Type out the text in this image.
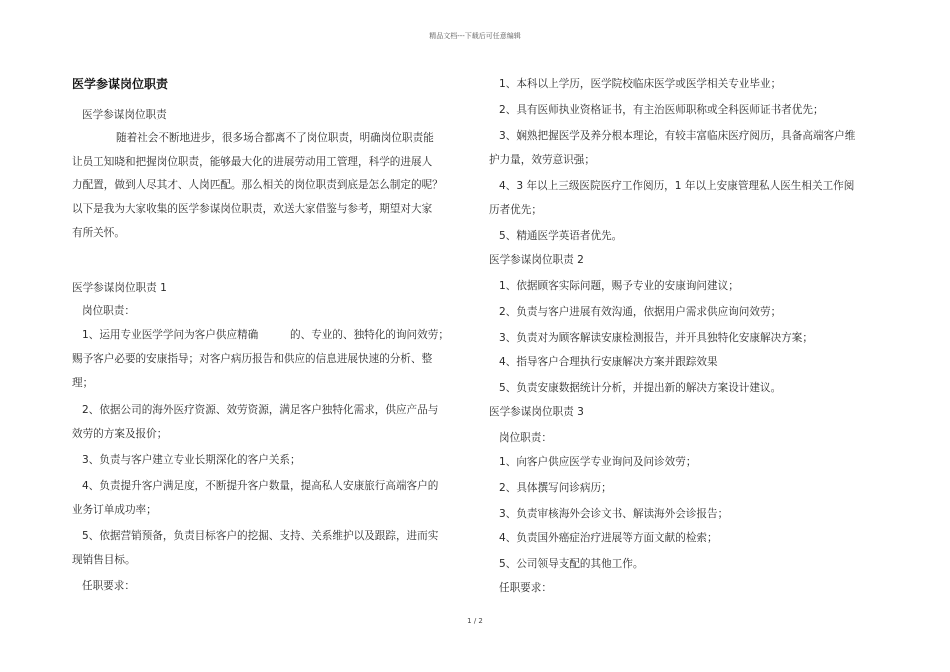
精品文档---下载后可任意编辑
医学参谋岗位职责
医学参谋岗位职责
随着社会不断地进步，很多场合都离不了岗位职责，明确岗位职责能
让员工知晓和把握岗位职责，能够最大化的进展劳动用工管理，科学的进展人
力配置，做到人尽其才、人岗匹配。那么相关的岗位职责到底是怎么制定的呢？
以下是我为大家收集的医学参谋岗位职责，欢送大家借鉴与参考，期望对大家
有所关怀。
医学参谋岗位职责 1
岗位职责：
1、运用专业医学学问为客户供应精确　　　的、专业的、独特化的询问效劳；
赐予客户必要的安康指导；对客户病历报告和供应的信息进展快速的分析、整
理；
2、依据公司的海外医疗资源、效劳资源，满足客户独特化需求，供应产品与
效劳的方案及报价；
3、负责与客户建立专业长期深化的客户关系；
4、负责提升客户满足度，不断提升客户数量，提高私人安康旅行高端客户的
业务订单成功率；
5、依据营销预备，负责目标客户的挖掘、支持、关系维护以及跟踪，进而实
现销售目标。
任职要求：
1、本科以上学历，医学院校临床医学或医学相关专业毕业；
2、具有医师执业资格证书，有主治医师职称或全科医师证书者优先；
3、娴熟把握医学及养分根本理论，有较丰富临床医疗阅历，具备高端客户维
护力量，效劳意识强；
4、3 年以上三级医院医疗工作阅历，1 年以上安康管理私人医生相关工作阅
历者优先；
5、精通医学英语者优先。
医学参谋岗位职责 2
1、依据顾客实际问题，赐予专业的安康询问建议；
2、负责与客户进展有效沟通，依据用户需求供应询问效劳；
3、负责对为顾客解读安康检测报告，并开具独特化安康解决方案；
4、指导客户合理执行安康解决方案并跟踪效果
5、负责安康数据统计分析，并提出新的解决方案设计建议。
医学参谋岗位职责 3
岗位职责：
1、向客户供应医学专业询问及问诊效劳；
2、具体撰写问诊病历；
3、负责审核海外会诊文书、解读海外会诊报告；
4、负责国外癌症治疗进展等方面文献的检索；
5、公司领导支配的其他工作。
任职要求：
1 / 2
